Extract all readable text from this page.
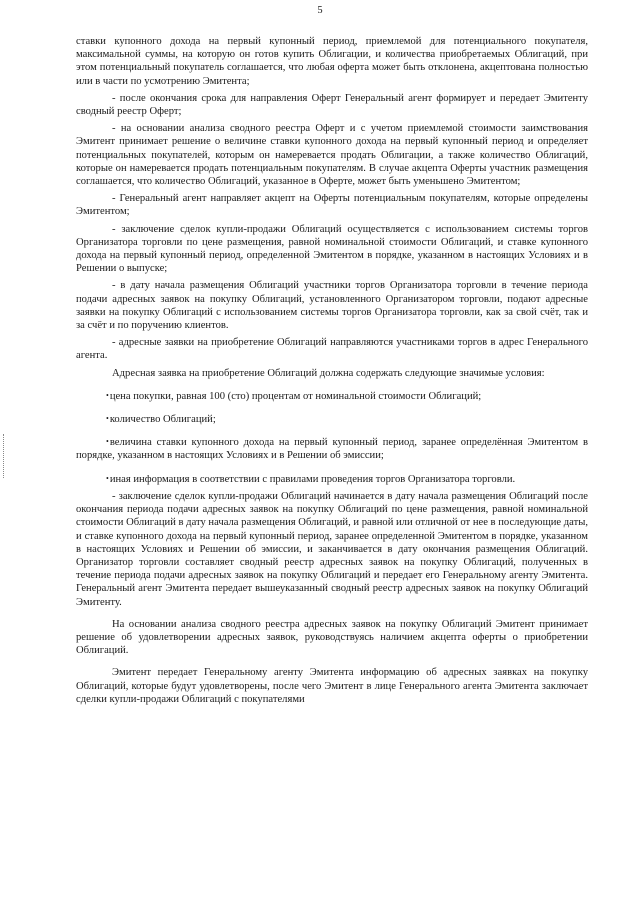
5

ставки купонного дохода на первый купонный период, приемлемой для потенциального покупателя, максимальной суммы, на которую он готов купить Облигации, и количества приобретаемых Облигаций, при этом потенциальный покупатель соглашается, что любая оферта может быть отклонена, акцептована полностью или в части по усмотрению Эмитента;

- после окончания срока для направления Оферт Генеральный агент формирует и передает Эмитенту сводный реестр Оферт;

- на основании анализа сводного реестра Оферт и с учетом приемлемой стоимости заимствования Эмитент принимает решение о величине ставки купонного дохода на первый купонный период и определяет потенциальных покупателей, которым он намеревается продать Облигации, а также количество Облигаций, которые он намеревается продать потенциальным покупателям. В случае акцепта Оферты участник размещения соглашается, что количество Облигаций, указанное в Оферте, может быть уменьшено Эмитентом;

- Генеральный агент направляет акцепт на Оферты потенциальным покупателям, которые определены Эмитентом;

- заключение сделок купли-продажи Облигаций осуществляется с использованием системы торгов Организатора торговли по цене размещения, равной номинальной стоимости Облигаций, и ставке купонного дохода на первый купонный период, определенной Эмитентом в порядке, указанном в настоящих Условиях и в Решении о выпуске;

- в дату начала размещения Облигаций участники торгов Организатора торговли в течение периода подачи адресных заявок на покупку Облигаций, установленного Организатором торговли, подают адресные заявки на покупку Облигаций с использованием системы торгов Организатора торговли, как за свой счёт, так и за счёт и по поручению клиентов.

- адресные заявки на приобретение Облигаций направляются участниками торгов в адрес Генерального агента.

Адресная заявка на приобретение Облигаций должна содержать следующие значимые условия:

•цена покупки, равная 100 (сто) процентам от номинальной стоимости Облигаций;

•количество Облигаций;

•величина ставки купонного дохода на первый купонный период, заранее определённая Эмитентом в порядке, указанном в настоящих Условиях и в Решении об эмиссии;

•иная информация в соответствии с правилами проведения торгов Организатора торговли.

- заключение сделок купли-продажи Облигаций начинается в дату начала размещения Облигаций после окончания периода подачи адресных заявок на покупку Облигаций по цене размещения, равной номинальной стоимости Облигаций в дату начала размещения Облигаций, и равной или отличной от нее в последующие даты, и ставке купонного дохода на первый купонный период, заранее определенной Эмитентом в порядке, указанном в настоящих Условиях и Решении об эмиссии, и заканчивается в дату окончания размещения Облигаций. Организатор торговли составляет сводный реестр адресных заявок на покупку Облигаций, полученных в течение периода подачи адресных заявок на покупку Облигаций и передает его Генеральному агенту Эмитента. Генеральный агент Эмитента передает вышеуказанный сводный реестр адресных заявок на покупку Облигаций Эмитенту.

На основании анализа сводного реестра адресных заявок на покупку Облигаций Эмитент принимает решение об удовлетворении адресных заявок, руководствуясь наличием акцепта оферты о приобретении Облигаций.

Эмитент передает Генеральному агенту Эмитента информацию об адресных заявках на покупку Облигаций, которые будут удовлетворены, после чего Эмитент в лице Генерального агента Эмитента заключает сделки купли-продажи Облигаций с покупателями
